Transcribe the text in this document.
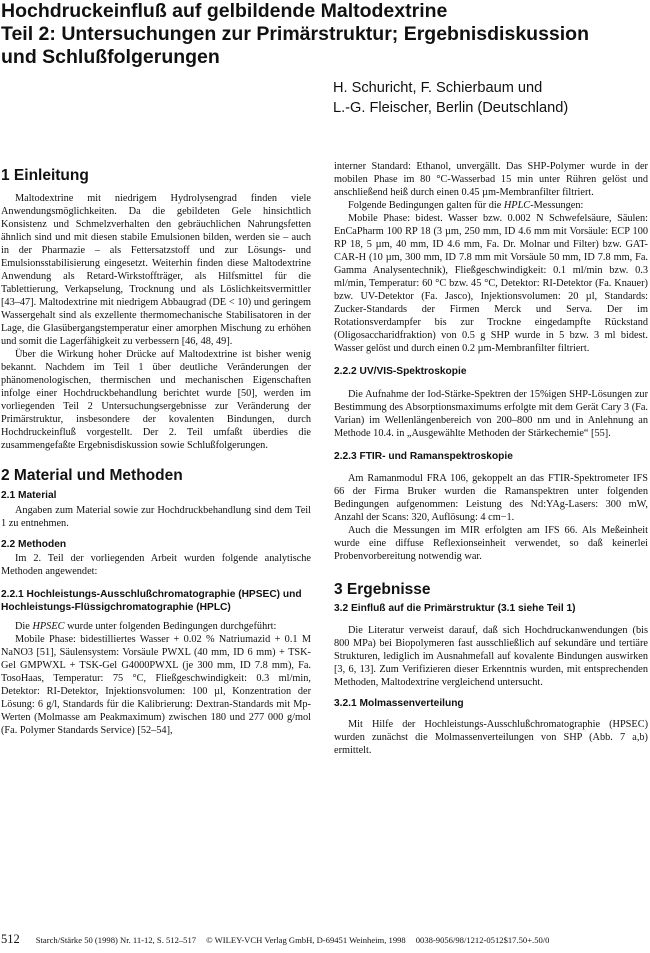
Hochdruckeinfluß auf gelbildende Maltodextrine
Teil 2: Untersuchungen zur Primärstruktur; Ergebnisdiskussion
und Schlußfolgerungen
H. Schuricht, F. Schierbaum und
L.-G. Fleischer, Berlin (Deutschland)
1 Einleitung

Maltodextrine mit niedrigem Hydrolysengrad finden viele Anwendungsmöglichkeiten. Da die gebildeten Gele hinsichtlich Konsistenz und Schmelzverhalten den gebräuchlichen Nahrungsfetten ähnlich sind und mit diesen stabile Emulsionen bilden, werden sie – auch in der Pharmazie – als Fettersatzstoff und zur Lösungs- und Emulsionsstabilisierung eingesetzt. Weiterhin finden diese Maltodextrine Anwendung als Retard-Wirkstoffträger, als Hilfsmittel für die Tablettierung, Verkapselung, Trocknung und als Löslichkeitsvermittler [43–47]. Maltodextrine mit niedrigem Abbaugrad (DE < 10) und geringem Wassergehalt sind als exzellente thermomechanische Stabilisatoren in der Lage, die Glasübergangstemperatur einer amorphen Mischung zu erhöhen und somit die Lagerfähigkeit zu verbessern [46, 48, 49].

Über die Wirkung hoher Drücke auf Maltodextrine ist bisher wenig bekannt. Nachdem im Teil 1 über deutliche Veränderungen der phänomenologischen, thermischen und mechanischen Eigenschaften infolge einer Hochdruckbehandlung berichtet wurde [50], werden im vorliegenden Teil 2 Untersuchungsergebnisse zur Veränderung der Primärstruktur, insbesondere der kovalenten Bindungen, durch Hochdruckeinfluß vorgestellt. Der 2. Teil umfaßt überdies die zusammengefaßte Ergebnisdiskussion sowie Schlußfolgerungen.

2 Material und Methoden
2.1 Material

Angaben zum Material sowie zur Hochdruckbehandlung sind dem Teil 1 zu entnehmen.

2.2 Methoden

Im 2. Teil der vorliegenden Arbeit wurden folgende analytische Methoden angewendet:

2.2.1 Hochleistungs-Ausschlußchromatographie (HPSEC) und Hochleistungs-Flüssigchromatographie (HPLC)

Die HPSEC wurde unter folgenden Bedingungen durchgeführt:

Mobile Phase: bidestilliertes Wasser + 0.02 % Natriumazid + 0.1 M NaNO3 [51], Säulensystem: Vorsäule PWXL (40 mm, ID 6 mm) + TSK-Gel GMPWXL + TSK-Gel G4000PWXL (je 300 mm, ID 7.8 mm), Fa. TosoHaas, Temperatur: 75 °C, Fließgeschwindigkeit: 0.3 ml/min, Detektor: RI-Detektor, Injektionsvolumen: 100 µl, Konzentration der Lösung: 6 g/l, Standards für die Kalibrierung: Dextran-Standards mit Mp-Werten (Molmasse am Peakmaximum) zwischen 180 und 277 000 g/mol (Fa. Polymer Standards Service) [52–54],

interner Standard: Ethanol, unvergällt. Das SHP-Polymer wurde in der mobilen Phase im 80 °C-Wasserbad 15 min unter Rühren gelöst und anschließend heiß durch einen 0.45 µm-Membranfilter filtriert.

Folgende Bedingungen galten für die HPLC-Messungen:

Mobile Phase: bidest. Wasser bzw. 0.002 N Schwefelsäure, Säulen: EnCaPharm 100 RP 18 (3 µm, 250 mm, ID 4.6 mm mit Vorsäule: ECP 100 RP 18, 5 µm, 40 mm, ID 4.6 mm, Fa. Dr. Molnar und Filter) bzw. GAT-CAR-H (10 µm, 300 mm, ID 7.8 mm mit Vorsäule 50 mm, ID 7.8 mm, Fa. Gamma Analysentechnik), Fließgeschwindigkeit: 0.1 ml/min bzw. 0.3 ml/min, Temperatur: 60 °C bzw. 45 °C, Detektor: RI-Detektor (Fa. Knauer) bzw. UV-Detektor (Fa. Jasco), Injektionsvolumen: 20 µl, Standards: Zucker-Standards der Firmen Merck und Serva. Der im Rotationsverdampfer bis zur Trockne eingedampfte Rückstand (Oligosaccharidfraktion) von 0.5 g SHP wurde in 5 bzw. 3 ml bidest. Wasser gelöst und durch einen 0.2 µm-Membranfilter filtriert.

2.2.2 UV/VIS-Spektroskopie

Die Aufnahme der Iod-Stärke-Spektren der 15%igen SHP-Lösungen zur Bestimmung des Absorptionsmaximums erfolgte mit dem Gerät Cary 3 (Fa. Varian) im Wellenlängenbereich von 200–800 nm und in Anlehnung an Methode 10.4. in „Ausgewählte Methoden der Stärkechemie“ [55].

2.2.3 FTIR- und Ramanspektroskopie

Am Ramanmodul FRA 106, gekoppelt an das FTIR-Spektrometer IFS 66 der Firma Bruker wurden die Ramanspektren unter folgenden Bedingungen aufgenommen: Leistung des Nd:YAg-Lasers: 300 mW, Anzahl der Scans: 320, Auflösung: 4 cm−1.

Auch die Messungen im MIR erfolgten am IFS 66. Als Meßeinheit wurde eine diffuse Reflexionseinheit verwendet, so daß keinerlei Probenvorbereitung notwendig war.

3 Ergebnisse
3.2 Einfluß auf die Primärstruktur (3.1 siehe Teil 1)

Die Literatur verweist darauf, daß sich Hochdruckanwendungen (bis 800 MPa) bei Biopolymeren fast ausschließlich auf sekundäre und tertiäre Strukturen, lediglich im Ausnahmefall auf kovalente Bindungen auswirken [3, 6, 13]. Zum Verifizieren dieser Erkenntnis wurden, mit entsprechenden Methoden, Maltodextrine vergleichend untersucht.

3.2.1 Molmassenverteilung

Mit Hilfe der Hochleistungs-Ausschlußchromatographie (HPSEC) wurden zunächst die Molmassenverteilungen von SHP (Abb. 7 a,b) ermittelt.

512 Starch/Stärke 50 (1998) Nr. 11-12, S. 512–517 © WILEY-VCH Verlag GmbH, D-69451 Weinheim, 1998 0038-9056/98/1212-0512$17.50+.50/0
